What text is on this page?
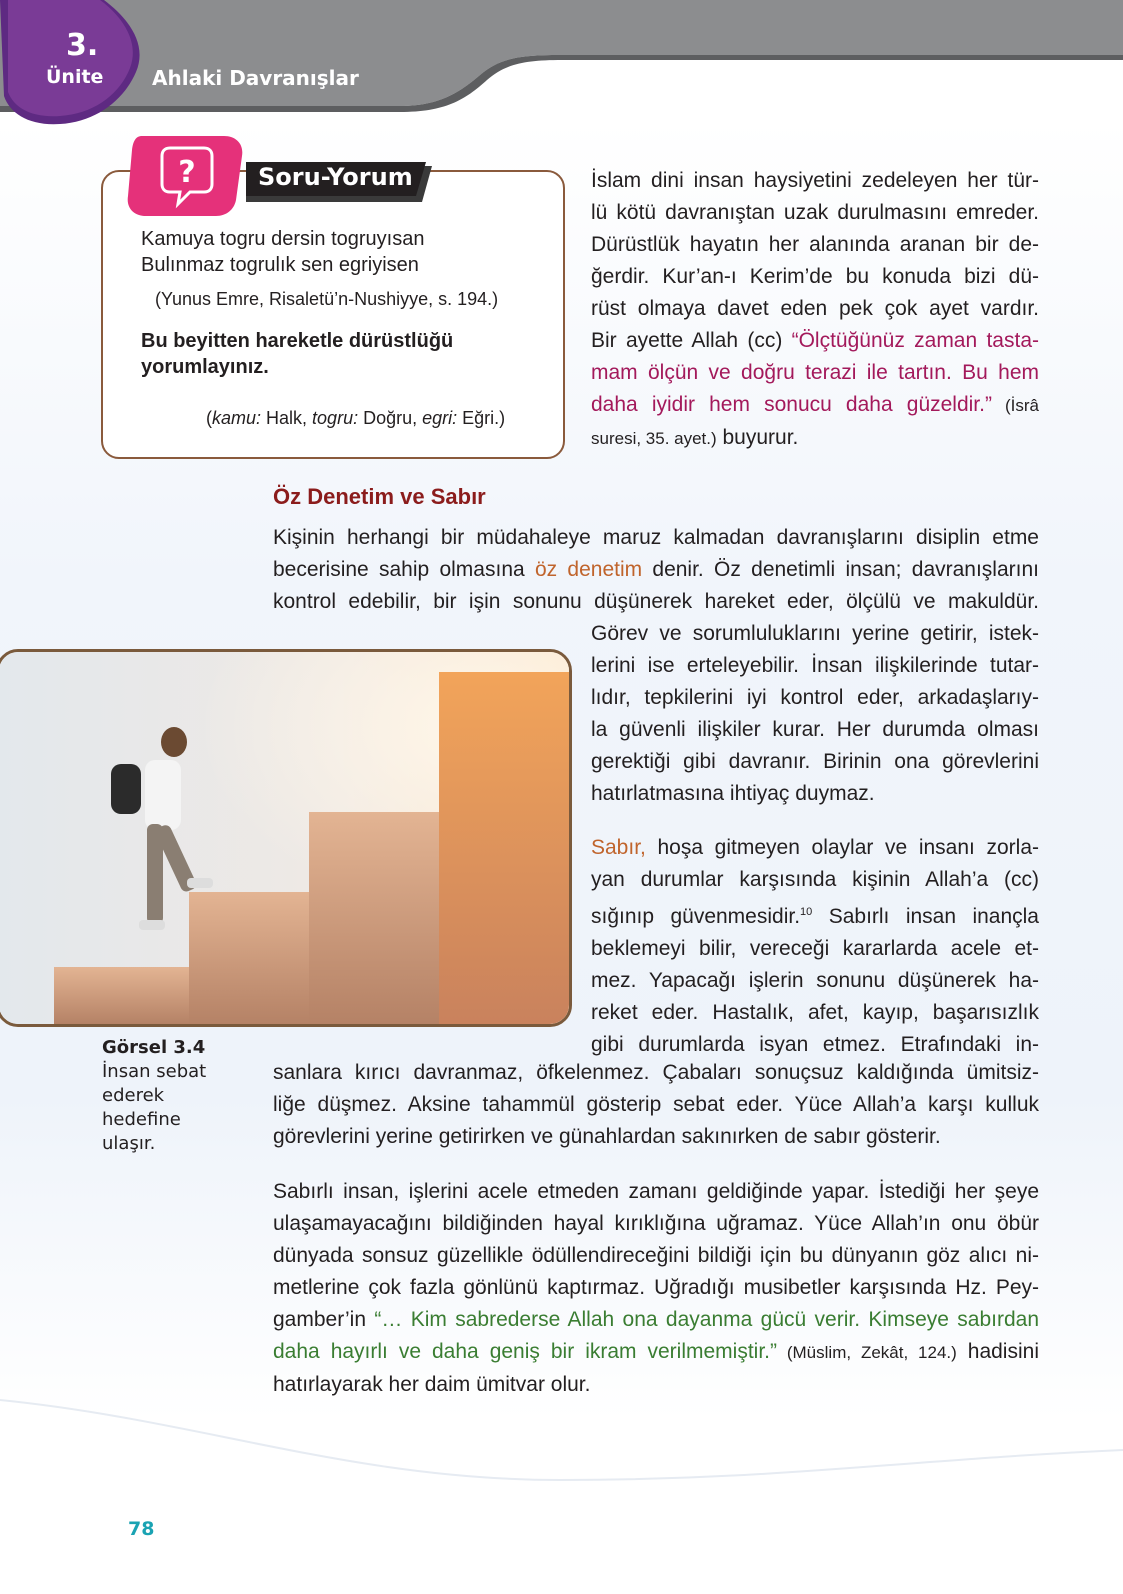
3.
Ünite Ahlaki Davranışlar
?	Soru-Yorum
Kamuya togru dersin togruyısan
Bulınmaz togrulık sen egriyisen
(Yunus Emre, Risaletü’n-Nushiyye, s. 194.)
Bu beyitten hareketle dürüstlüğü yorumlayınız.
(kamu: Halk, togru: Doğru, egri: Eğri.)
İslam dini insan haysiyetini zedeleyen her tür-
lü kötü davranıştan uzak durulmasını emreder.
Dürüstlük hayatın her alanında aranan bir de-
ğerdir. Kur’an-ı Kerim’de bu konuda bizi dü-
rüst olmaya davet eden pek çok ayet vardır.
Bir ayette Allah (cc) “Ölçtüğünüz zaman tasta-
mam ölçün ve doğru terazi ile tartın. Bu hem
daha iyidir hem sonucu daha güzeldir.” (İsrâ
suresi, 35. ayet.) buyurur.
Öz Denetim ve Sabır
Kişinin herhangi bir müdahaleye maruz kalmadan davranışlarını disiplin etme
becerisine sahip olmasına öz denetim denir. Öz denetimli insan; davranışlarını
kontrol edebilir, bir işin sonunu düşünerek hareket eder, ölçülü ve makuldür.
Görev ve sorumluluklarını yerine getirir, istek-
lerini ise erteleyebilir. İnsan ilişkilerinde tutar-
lıdır, tepkilerini iyi kontrol eder, arkadaşlarıy-
la güvenli ilişkiler kurar. Her durumda olması
gerektiği gibi davranır. Birinin ona görevlerini
hatırlatmasına ihtiyaç duymaz.
Sabır, hoşa gitmeyen olaylar ve insanı zorla-
yan durumlar karşısında kişinin Allah’a (cc)
sığınıp güvenmesidir.$^{10}$ Sabırlı insan inançla
beklemeyi bilir, vereceği kararlarda acele et-
mez. Yapacağı işlerin sonunu düşünerek ha-
reket eder. Hastalık, afet, kayıp, başarısızlık
gibi durumlarda isyan etmez. Etrafındaki in-
sanlara kırıcı davranmaz, öfkelenmez. Çabaları sonuçsuz kaldığında ümitsiz-
liğe düşmez. Aksine tahammül gösterip sebat eder. Yüce Allah’a karşı kulluk
görevlerini yerine getirirken ve günahlardan sakınırken de sabır gösterir.
Sabırlı insan, işlerini acele etmeden zamanı geldiğinde yapar. İstediği her şeye
ulaşamayacağını bildiğinden hayal kırıklığına uğramaz. Yüce Allah’ın onu öbür
dünyada sonsuz güzellikle ödüllendireceğini bildiği için bu dünyanın göz alıcı ni-
metlerine çok fazla gönlünü kaptırmaz. Uğradığı musibetler karşısında Hz. Pey-
gamber’in “… Kim sabrederse Allah ona dayanma gücü verir. Kimseye sabırdan
daha hayırlı ve daha geniş bir ikram verilmemiştir.” (Müslim, Zekât, 124.) hadisini
hatırlayarak her daim ümitvar olur.
Görsel 3.4
İnsan sebat
ederek
hedefine
ulaşır.
78
